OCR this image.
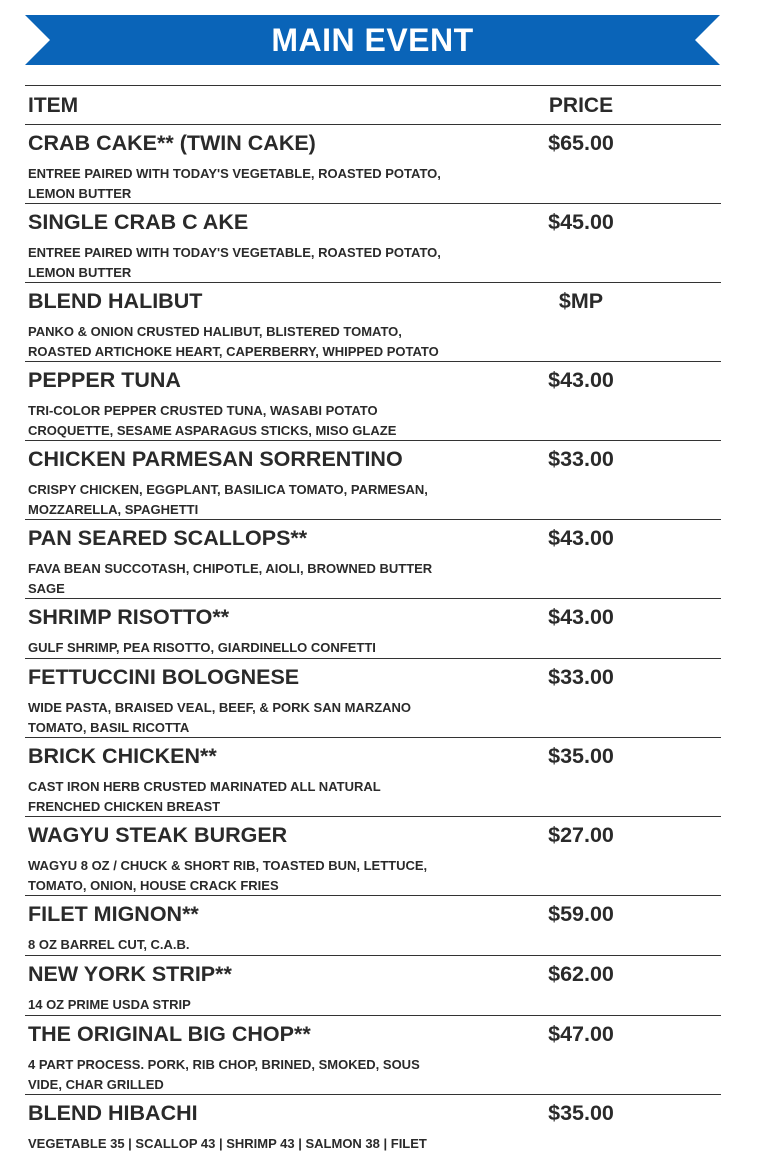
MAIN EVENT
ITEM	PRICE
CRAB CAKE** (TWIN CAKE)
ENTREE PAIRED WITH TODAY'S VEGETABLE, ROASTED POTATO, LEMON BUTTER
$65.00
SINGLE CRAB C AKE
ENTREE PAIRED WITH TODAY'S VEGETABLE, ROASTED POTATO, LEMON BUTTER
$45.00
BLEND HALIBUT
PANKO & ONION CRUSTED HALIBUT, BLISTERED TOMATO, ROASTED ARTICHOKE HEART, CAPERBERRY, WHIPPED POTATO
$MP
PEPPER TUNA
TRI-COLOR PEPPER CRUSTED TUNA, WASABI POTATO CROQUETTE, SESAME ASPARAGUS STICKS, MISO GLAZE
$43.00
CHICKEN PARMESAN SORRENTINO
CRISPY CHICKEN, EGGPLANT, BASILICA TOMATO, PARMESAN, MOZZARELLA, SPAGHETTI
$33.00
PAN SEARED SCALLOPS**
FAVA BEAN SUCCOTASH, CHIPOTLE, AIOLI, BROWNED BUTTER SAGE
$43.00
SHRIMP RISOTTO**
GULF SHRIMP, PEA RISOTTO, GIARDINELLO CONFETTI
$43.00
FETTUCCINI BOLOGNESE
WIDE PASTA, BRAISED VEAL, BEEF, & PORK SAN MARZANO TOMATO, BASIL RICOTTA
$33.00
BRICK CHICKEN**
CAST IRON HERB CRUSTED MARINATED ALL NATURAL FRENCHED CHICKEN BREAST
$35.00
WAGYU STEAK BURGER
WAGYU 8 OZ / CHUCK & SHORT RIB, TOASTED BUN, LETTUCE, TOMATO, ONION, HOUSE CRACK FRIES
$27.00
FILET MIGNON**
8 OZ BARREL CUT, C.A.B.
$59.00
NEW YORK STRIP**
14 OZ PRIME USDA STRIP
$62.00
THE ORIGINAL BIG CHOP**
4 PART PROCESS. PORK, RIB CHOP, BRINED, SMOKED, SOUS VIDE, CHAR GRILLED
$47.00
BLEND HIBACHI
VEGETABLE 35 | SCALLOP 43 | SHRIMP 43 | SALMON 38 | FILET
$35.00
